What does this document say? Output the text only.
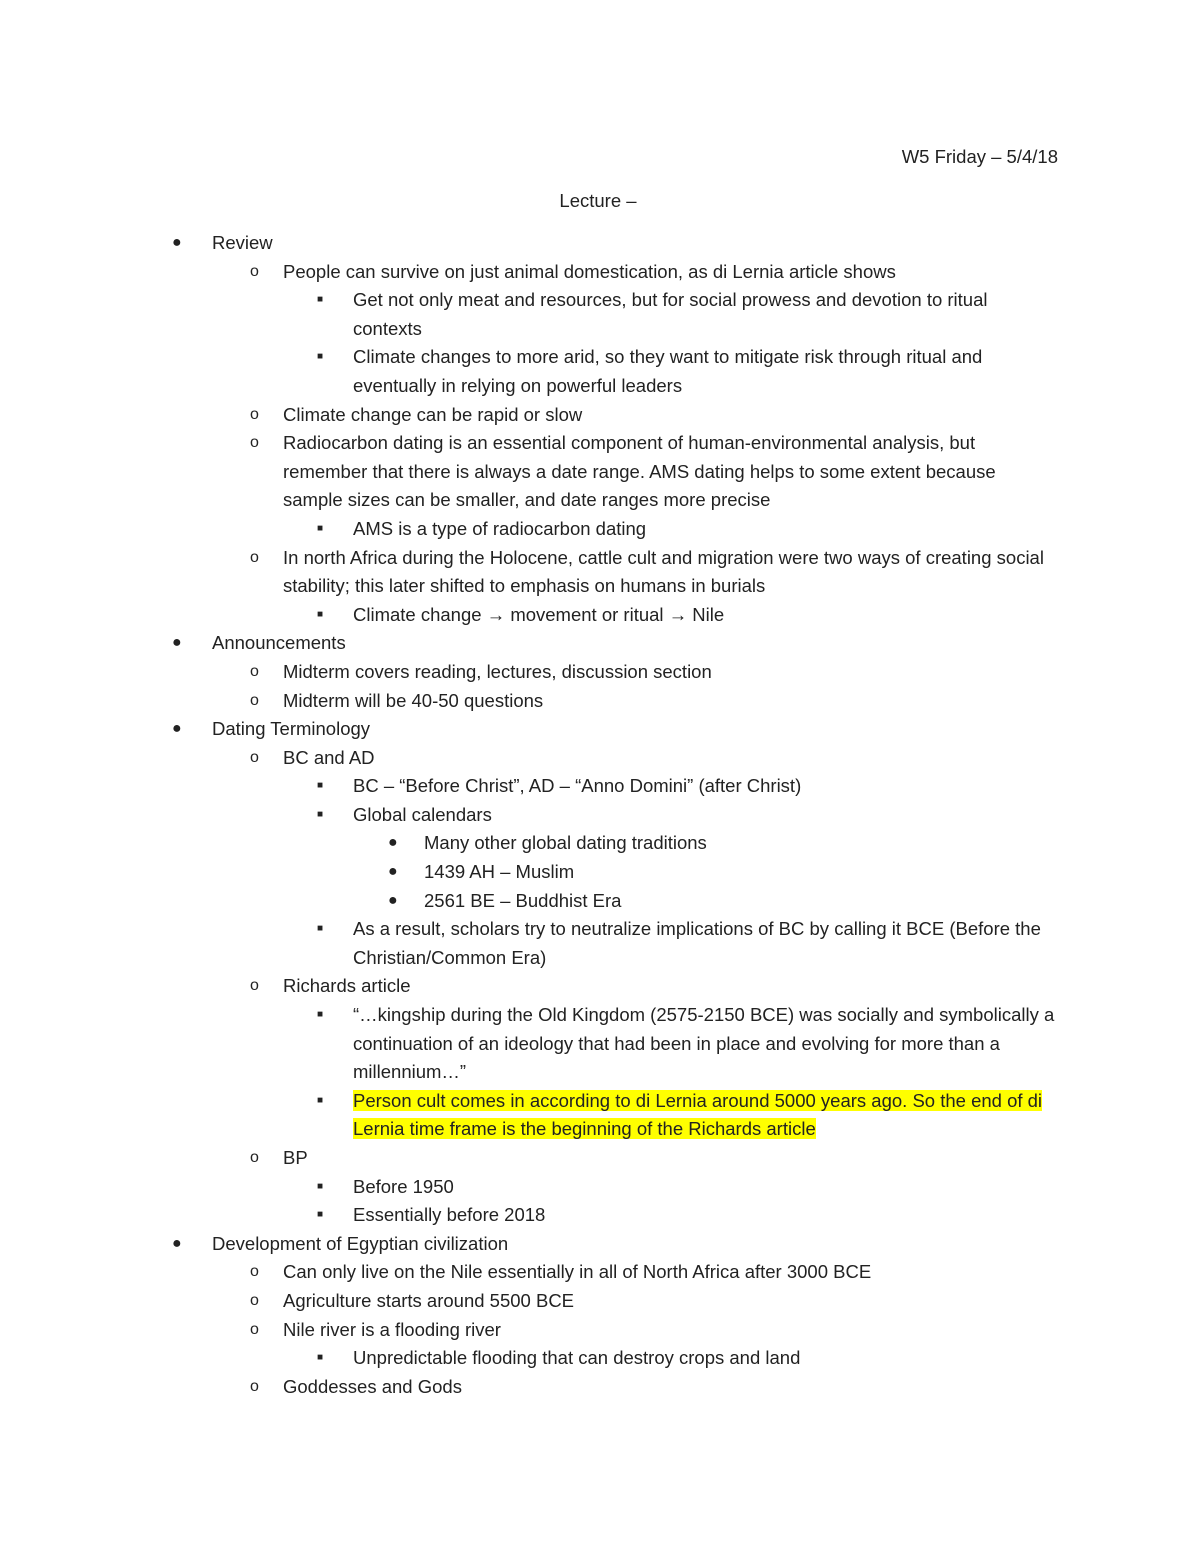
W5 Friday – 5/4/18
Lecture –
● Review
o People can survive on just animal domestication, as di Lernia article shows
■ Get not only meat and resources, but for social prowess and devotion to ritual contexts
■ Climate changes to more arid, so they want to mitigate risk through ritual and eventually in relying on powerful leaders
o Climate change can be rapid or slow
o Radiocarbon dating is an essential component of human-environmental analysis, but remember that there is always a date range. AMS dating helps to some extent because sample sizes can be smaller, and date ranges more precise
■ AMS is a type of radiocarbon dating
o In north Africa during the Holocene, cattle cult and migration were two ways of creating social stability; this later shifted to emphasis on humans in burials
■ Climate change → movement or ritual → Nile
● Announcements
o Midterm covers reading, lectures, discussion section
o Midterm will be 40-50 questions
● Dating Terminology
o BC and AD
■ BC – “Before Christ”, AD – “Anno Domini” (after Christ)
■ Global calendars
● Many other global dating traditions
● 1439 AH – Muslim
● 2561 BE – Buddhist Era
■ As a result, scholars try to neutralize implications of BC by calling it BCE (Before the Christian/Common Era)
o Richards article
■ “…kingship during the Old Kingdom (2575-2150 BCE) was socially and symbolically a continuation of an ideology that had been in place and evolving for more than a millennium…”
■ Person cult comes in according to di Lernia around 5000 years ago. So the end of di Lernia time frame is the beginning of the Richards article
o BP
■ Before 1950
■ Essentially before 2018
● Development of Egyptian civilization
o Can only live on the Nile essentially in all of North Africa after 3000 BCE
o Agriculture starts around 5500 BCE
o Nile river is a flooding river
■ Unpredictable flooding that can destroy crops and land
o Goddesses and Gods
